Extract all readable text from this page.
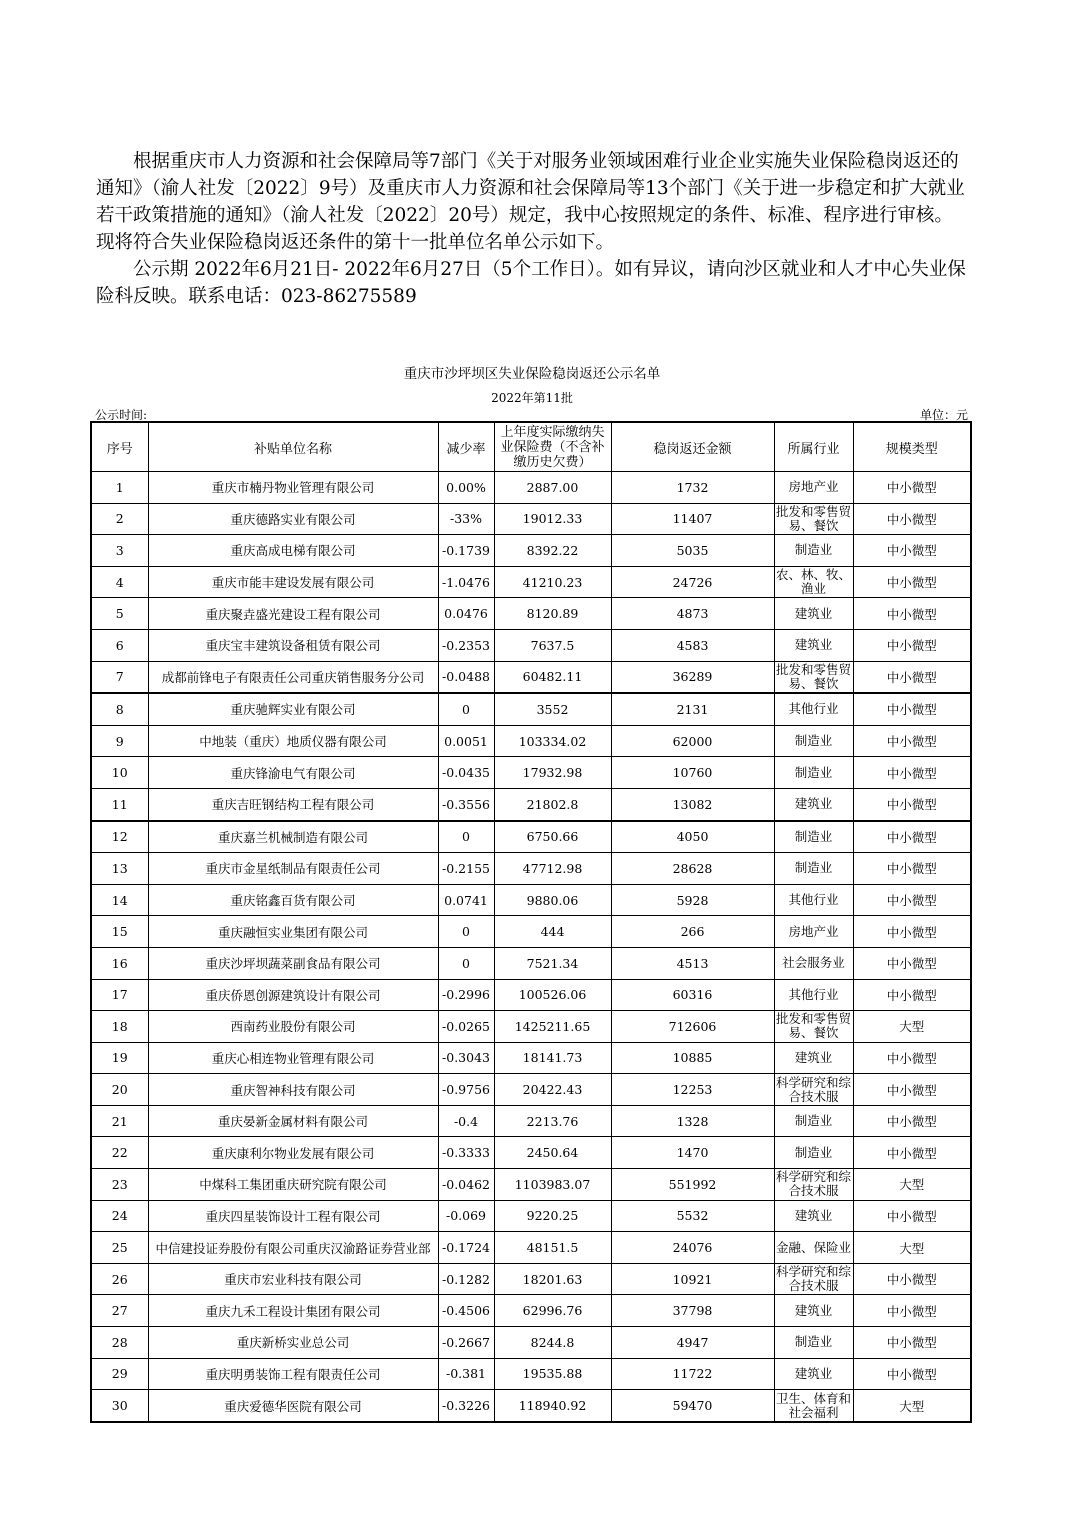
根据重庆市人力资源和社会保障局等7部门《关于对服务业领域困难行业企业实施失业保险稳岗返还的通知》（渝人社发〔2022〕9号）及重庆市人力资源和社会保障局等13个部门《关于进一步稳定和扩大就业若干政策措施的通知》（渝人社发〔2022〕20号）规定，我中心按照规定的条件、标准、程序进行审核。现将符合失业保险稳岗返还条件的第十一批单位名单公示如下。

公示期 2022年6月21日- 2022年6月27日（5个工作日）。如有异议，请向沙区就业和人才中心失业保险科反映。联系电话：023-86275589

重庆市沙坪坝区失业保险稳岗返还公示名单
2022年第11批
公示时间:	单位：元
序号	补贴单位名称	减少率	上年度实际缴纳失业保险费（不含补缴历史欠费）	稳岗返还金额	所属行业	规模类型
1	重庆市楠丹物业管理有限公司	0.00%	2887.00	1732	房地产业	中小微型
2	重庆德路实业有限公司	-33%	19012.33	11407	批发和零售贸易、餐饮	中小微型
3	重庆高成电梯有限公司	-0.1739	8392.22	5035	制造业	中小微型
4	重庆市能丰建设发展有限公司	-1.0476	41210.23	24726	农、林、牧、渔业	中小微型
5	重庆聚垚盛光建设工程有限公司	0.0476	8120.89	4873	建筑业	中小微型
6	重庆宝丰建筑设备租赁有限公司	-0.2353	7637.5	4583	建筑业	中小微型
7	成都前锋电子有限责任公司重庆销售服务分公司	-0.0488	60482.11	36289	批发和零售贸易、餐饮	中小微型
8	重庆驰辉实业有限公司	0	3552	2131	其他行业	中小微型
9	中地装（重庆）地质仪器有限公司	0.0051	103334.02	62000	制造业	中小微型
10	重庆锋渝电气有限公司	-0.0435	17932.98	10760	制造业	中小微型
11	重庆吉旺钢结构工程有限公司	-0.3556	21802.8	13082	建筑业	中小微型
12	重庆嘉兰机械制造有限公司	0	6750.66	4050	制造业	中小微型
13	重庆市金星纸制品有限责任公司	-0.2155	47712.98	28628	制造业	中小微型
14	重庆铭鑫百货有限公司	0.0741	9880.06	5928	其他行业	中小微型
15	重庆融恒实业集团有限公司	0	444	266	房地产业	中小微型
16	重庆沙坪坝蔬菜副食品有限公司	0	7521.34	4513	社会服务业	中小微型
17	重庆侨恩创源建筑设计有限公司	-0.2996	100526.06	60316	其他行业	中小微型
18	西南药业股份有限公司	-0.0265	1425211.65	712606	批发和零售贸易、餐饮	大型
19	重庆心相连物业管理有限公司	-0.3043	18141.73	10885	建筑业	中小微型
20	重庆智神科技有限公司	-0.9756	20422.43	12253	科学研究和综合技术服	中小微型
21	重庆晏新金属材料有限公司	-0.4	2213.76	1328	制造业	中小微型
22	重庆康利尔物业发展有限公司	-0.3333	2450.64	1470	制造业	中小微型
23	中煤科工集团重庆研究院有限公司	-0.0462	1103983.07	551992	科学研究和综合技术服	大型
24	重庆四星装饰设计工程有限公司	-0.069	9220.25	5532	建筑业	中小微型
25	中信建投证券股份有限公司重庆汉渝路证券营业部	-0.1724	48151.5	24076	金融、保险业	大型
26	重庆市宏业科技有限公司	-0.1282	18201.63	10921	科学研究和综合技术服	中小微型
27	重庆九禾工程设计集团有限公司	-0.4506	62996.76	37798	建筑业	中小微型
28	重庆新桥实业总公司	-0.2667	8244.8	4947	制造业	中小微型
29	重庆明勇装饰工程有限责任公司	-0.381	19535.88	11722	建筑业	中小微型
30	重庆爱德华医院有限公司	-0.3226	118940.92	59470	卫生、体育和社会福利	大型
